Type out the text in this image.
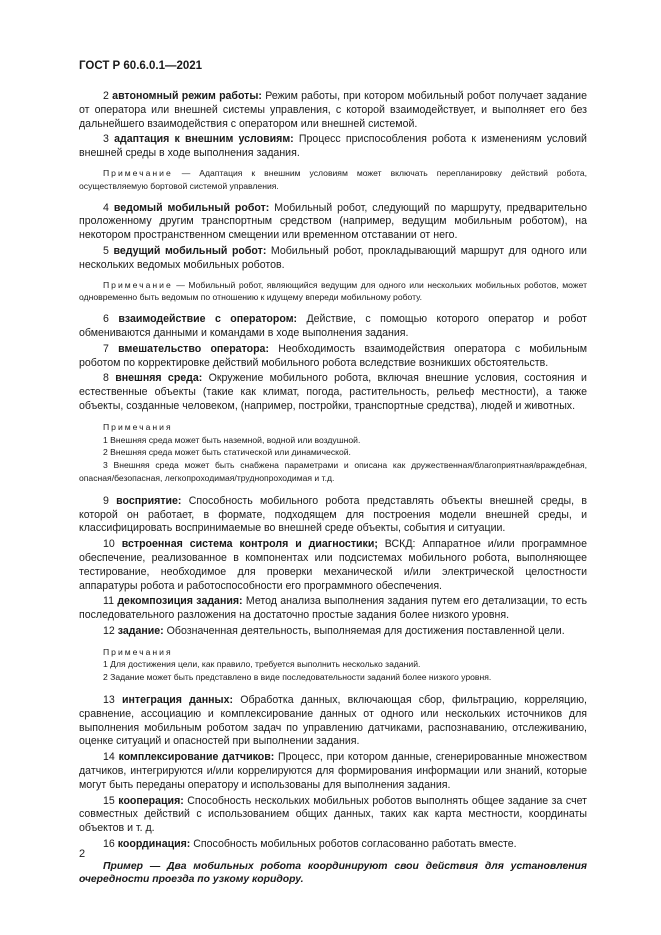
ГОСТ Р 60.6.0.1—2021

2 автономный режим работы: Режим работы, при котором мобильный робот получает задание от оператора или внешней системы управления, с которой взаимодействует, и выполняет его без дальнейшего взаимодействия с оператором или внешней системой.

3 адаптация к внешним условиям: Процесс приспособления робота к изменениям условий внешней среды в ходе выполнения задания.

Примечание — Адаптация к внешним условиям может включать перепланировку действий робота, осуществляемую бортовой системой управления.

4 ведомый мобильный робот: Мобильный робот, следующий по маршруту, предварительно проложенному другим транспортным средством (например, ведущим мобильным роботом), на некотором пространственном смещении или временном отставании от него.

5 ведущий мобильный робот: Мобильный робот, прокладывающий маршрут для одного или нескольких ведомых мобильных роботов.

Примечание — Мобильный робот, являющийся ведущим для одного или нескольких мобильных роботов, может одновременно быть ведомым по отношению к идущему впереди мобильному роботу.

6 взаимодействие с оператором: Действие, с помощью которого оператор и робот обмениваются данными и командами в ходе выполнения задания.

7 вмешательство оператора: Необходимость взаимодействия оператора с мобильным роботом по корректировке действий мобильного робота вследствие возникших обстоятельств.

8 внешняя среда: Окружение мобильного робота, включая внешние условия, состояния и естественные объекты (такие как климат, погода, растительность, рельеф местности), а также объекты, созданные человеком, (например, постройки, транспортные средства), людей и животных.

Примечания

1 Внешняя среда может быть наземной, водной или воздушной.

2 Внешняя среда может быть статической или динамической.

3 Внешняя среда может быть снабжена параметрами и описана как дружественная/благоприятная/враждебная, опасная/безопасная, легкопроходимая/труднопроходимая и т.д.

9 восприятие: Способность мобильного робота представлять объекты внешней среды, в которой он работает, в формате, подходящем для построения модели внешней среды, и классифицировать воспринимаемые во внешней среде объекты, события и ситуации.

10 встроенная система контроля и диагностики; ВСКД: Аппаратное и/или программное обеспечение, реализованное в компонентах или подсистемах мобильного робота, выполняющее тестирование, необходимое для проверки механической и/или электрической целостности аппаратуры робота и работоспособности его программного обеспечения.

11 декомпозиция задания: Метод анализа выполнения задания путем его детализации, то есть последовательного разложения на достаточно простые задания более низкого уровня.

12 задание: Обозначенная деятельность, выполняемая для достижения поставленной цели.

Примечания

1 Для достижения цели, как правило, требуется выполнить несколько заданий.

2 Задание может быть представлено в виде последовательности заданий более низкого уровня.

13 интеграция данных: Обработка данных, включающая сбор, фильтрацию, корреляцию, сравнение, ассоциацию и комплексирование данных от одного или нескольких источников для выполнения мобильным роботом задач по управлению датчиками, распознаванию, отслеживанию, оценке ситуаций и опасностей при выполнении задания.

14 комплексирование датчиков: Процесс, при котором данные, сгенерированные множеством датчиков, интегрируются и/или коррелируются для формирования информации или знаний, которые могут быть переданы оператору и использованы для выполнения задания.

15 кооперация: Способность нескольких мобильных роботов выполнять общее задание за счет совместных действий с использованием общих данных, таких как карта местности, координаты объектов и т. д.

16 координация: Способность мобильных роботов согласованно работать вместе.

Пример — Два мобильных робота координируют свои действия для установления очередности проезда по узкому коридору.

2
